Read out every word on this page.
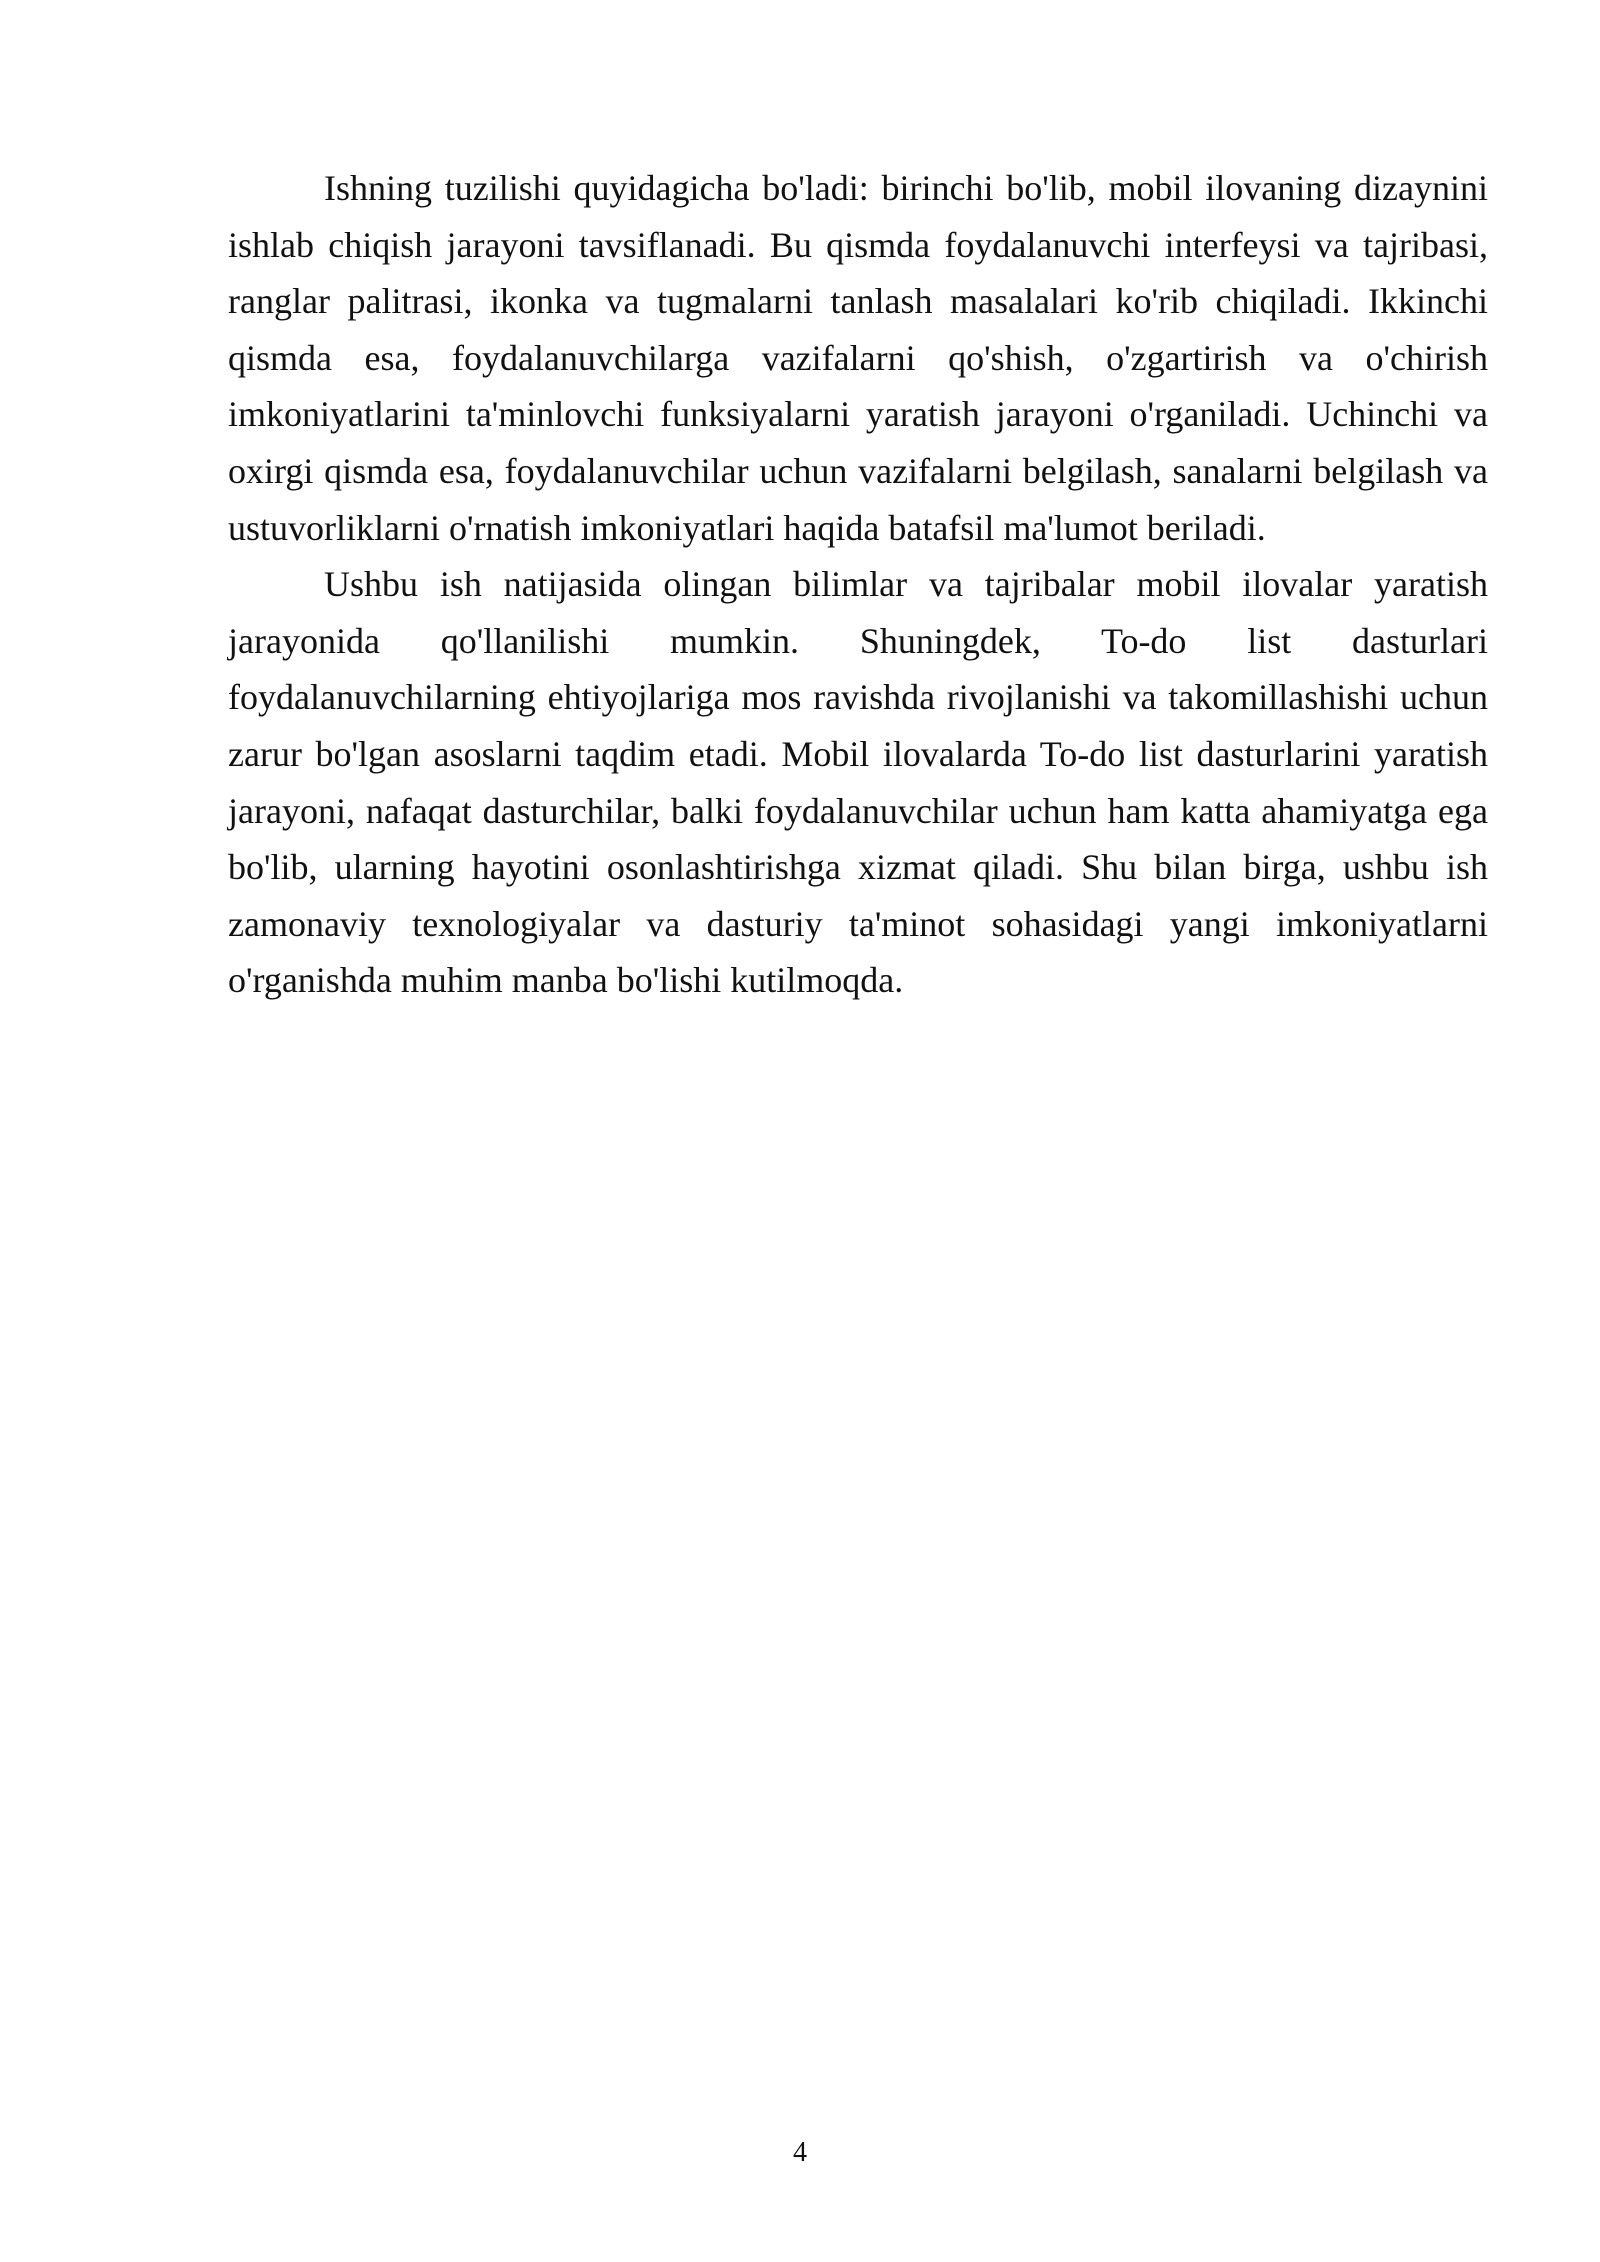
Ishning tuzilishi quyidagicha bo'ladi: birinchi bo'lib, mobil ilovaning dizaynini ishlab chiqish jarayoni tavsiflanadi. Bu qismda foydalanuvchi interfeysi va tajribasi, ranglar palitrasi, ikonka va tugmalarni tanlash masalalari ko'rib chiqiladi. Ikkinchi qismda esa, foydalanuvchilarga vazifalarni qo'shish, o'zgartirish va o'chirish imkoniyatlarini ta'minlovchi funksiyalarni yaratish jarayoni o'rganiladi. Uchinchi va oxirgi qismda esa, foydalanuvchilar uchun vazifalarni belgilash, sanalarni belgilash va ustuvorliklarni o'rnatish imkoniyatlari haqida batafsil ma'lumot beriladi.

Ushbu ish natijasida olingan bilimlar va tajribalar mobil ilovalar yaratish jarayonida qo'llanilishi mumkin. Shuningdek, To-do list dasturlari foydalanuvchilarning ehtiyojlariga mos ravishda rivojlanishi va takomillashishi uchun zarur bo'lgan asoslarni taqdim etadi. Mobil ilovalarda To-do list dasturlarini yaratish jarayoni, nafaqat dasturchilar, balki foydalanuvchilar uchun ham katta ahamiyatga ega bo'lib, ularning hayotini osonlashtirishga xizmat qiladi. Shu bilan birga, ushbu ish zamonaviy texnologiyalar va dasturiy ta'minot sohasidagi yangi imkoniyatlarni o'rganishda muhim manba bo'lishi kutilmoqda.

4
